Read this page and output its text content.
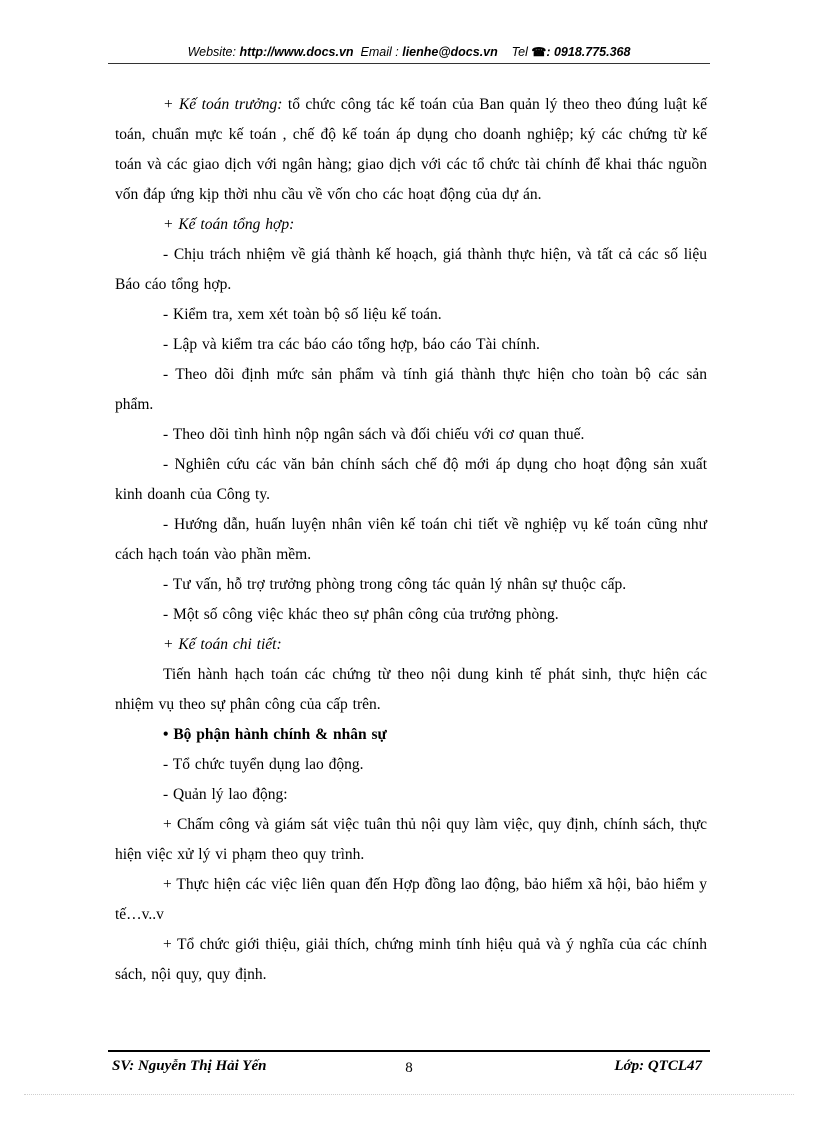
Website: http://www.docs.vn Email : lienhe@docs.vn Tel ☎: 0918.775.368

+ Kế toán trưởng: tổ chức công tác kế toán của Ban quản lý theo theo đúng luật kế toán, chuẩn mực kế toán , chế độ kế toán áp dụng cho doanh nghiệp; ký các chứng từ kế toán và các giao dịch với ngân hàng; giao dịch với các tổ chức tài chính để khai thác nguồn vốn đáp ứng kịp thời nhu cầu về vốn cho các hoạt động của dự án.

+ Kế toán tổng hợp:

- Chịu trách nhiệm về giá thành kế hoạch, giá thành thực hiện, và tất cả các số liệu Báo cáo tổng hợp.

- Kiểm tra, xem xét toàn bộ số liệu kế toán.

- Lập và kiểm tra các báo cáo tổng hợp, báo cáo Tài chính.

- Theo dõi định mức sản phẩm và tính giá thành thực hiện cho toàn bộ các sản phẩm.

- Theo dõi tình hình nộp ngân sách và đối chiếu với cơ quan thuế.

- Nghiên cứu các văn bản chính sách chế độ mới áp dụng cho hoạt động sản xuất kinh doanh của Công ty.

- Hướng dẫn, huấn luyện nhân viên kế toán chi tiết về nghiệp vụ kế toán cũng như cách hạch toán vào phần mềm.

- Tư vấn, hỗ trợ trưởng phòng trong công tác quản lý nhân sự thuộc cấp.

- Một số công việc khác theo sự phân công của trưởng phòng.

+ Kế toán chi tiết:

Tiến hành hạch toán các chứng từ theo nội dung kinh tế phát sinh, thực hiện các nhiệm vụ theo sự phân công của cấp trên.

• Bộ phận hành chính & nhân sự

- Tổ chức tuyển dụng lao động.

- Quản lý lao động:

+ Chấm công và giám sát việc tuân thủ nội quy làm việc, quy định, chính sách, thực hiện việc xử lý vi phạm theo quy trình.

+ Thực hiện các việc liên quan đến Hợp đồng lao động, bảo hiểm xã hội, bảo hiểm y tế…v..v

+ Tổ chức giới thiệu, giải thích, chứng minh tính hiệu quả và ý nghĩa của các chính sách, nội quy, quy định.

SV: Nguyễn Thị Hải Yến	8	Lớp: QTCL47
